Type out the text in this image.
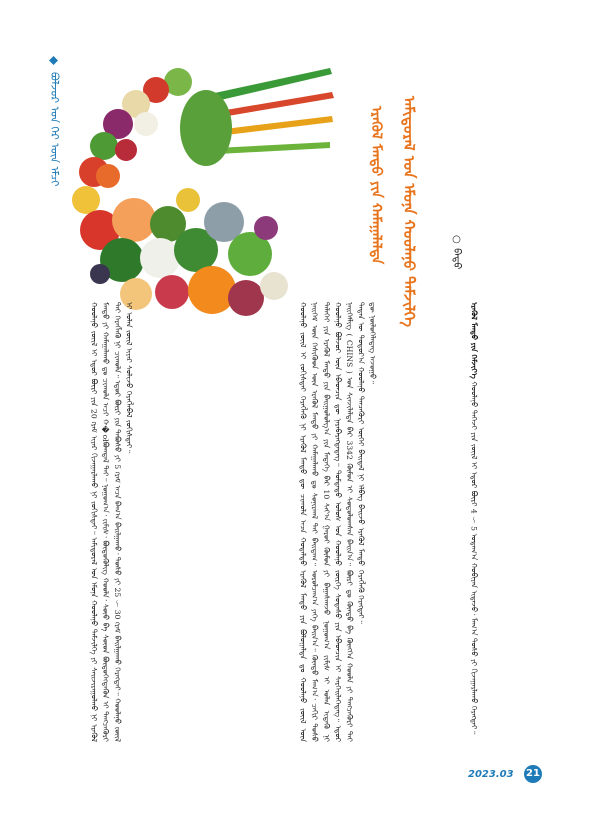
ᠪᠣᠯᠵᠣᠷ ᠤᠨ ᠭᠡᠷ ᠦᠨ ᠡᠮᠴᠢ	ᠠᠮᠢᠳᠤᠷᠠᠯ ᠤᠨ ᠡᠮᠦᠨᠡ ᠬᠣᠣᠯᠠᠨᠤ ᠳᠡᠮᠵᠢᠯᠭᠡ
ᠡᠷᠡᠬᠦᠯ ᠮᠡᠨᠳᠦ ᠶᠢᠨ ᠬᠠᠮᠠᠭᠠᠯᠠᠯᠲᠠ	○ ᠪᠠᠲᠤ
ᠬᠣᠣᠯᠠᠨᠤ ᠵᠦᠢᠯ ᠢ ᠵᠣᠬᠢᠰᠲᠠᠢ ᠬᠡᠷᠡᠭᠯᠡᠬᠦ ᠨᠢ ᠡᠷᠡᠬᠦᠯ ᠮᠡᠨᠳᠦ ᠳᠦ ᠴᠢᠬᠤᠯᠠ ᠠᠴᠠ ᠬᠣᠳᠠᠯᠳᠤ ᠨᠡᠢᠭᠡᠮ ᠦᠨ ᠭᠡᠰᠢᠭᠦᠳ ᠦᠨ ᠡᠷᠡᠬᠦᠯ ᠮᠡᠨᠳᠦ ᠶᠢ ᠬᠠᠮᠠᠭᠠᠯᠠᠬᠤ ᠳᠤ ᠰᠣᠨᠢᠷᠬᠠᠯ ᠲᠠᠢ ᠪᠠᠢᠳᠠᠭ᠃ ᠳᠡᠯᠡᠬᠡᠢ ᠶᠢᠨ ᠡᠷᠡᠬᠦᠯ ᠮᠡᠨᠳᠦ ᠶᠢᠨ ᠪᠠᠢᠭᠤᠯᠤᠯᠭ᠎ᠠ ᠶᠢᠨ ᠮᠡᠳᠡᠭᠡ ᠪᠡᠷ 10 ᠰᠠᠶ᠎ᠠ ᠭᠠᠷᠤᠢ ᠬᠦᠮᠦᠨ ᠬᠣᠣᠯᠠᠨᠤ ᠪᠣᠯᠵᠣᠷ ᠦᠨ ᠡᠪᠡᠳᠴᠢᠨ ᠳᠦ ᠨᠡᠷᠡᠪᠡᠷᠡᠭᠳᠡᠳᠡᠭ᠃ ᠳᠤᠮᠳᠠᠳᠤ ᠤᠯᠤᠰ ᠤᠨ ᠬᠣᠣᠯᠠᠨᠤ ᠨᠡᠢᠭᠡᠮᠯᠢᠭ ( CHINS ) ᠤᠨ ᠰᠢᠨᠵᠢᠯᠡᠯᠲᠡ ᠪᠡᠷ 3342 ᠬᠦᠮᠦᠨ ᠢ ᠰᠤᠳᠤᠯᠤᠭᠰᠠᠨ ᠪᠠᠢᠨ᠎ᠠ᠃ ᠲᠡᠳᠡᠨ ᠦ ᠳᠣᠲᠣᠷ᠎ᠠ ᠬᠣᠣᠯᠠᠨᠤ ᠲᠡᠨᠴᠡᠭᠦᠷᠢ ᠥᠭᠡᠢ ᠪᠠᠢᠳᠠᠯ ᠨᠢ ᠡᠯᠪᠡᠭ ᠪᠠᠢᠵᠤ ᠡᠷᠡᠬᠦᠯ ᠮᠡᠨᠳᠦ ᠳᠦ ᠨᠥᠯᠥᠭᠡᠯᠡᠳᠡᠭ ᠠᠵᠤᠭᠤ᠃
ᠡᠷᠡᠬᠦᠯ ᠮᠡᠨᠳᠦ ᠶᠢᠨ ᠪᠣᠯᠤᠭᠠᠯᠲᠠ ᠳᠤ ᠬᠣᠣᠯᠠᠨᠤ ᠵᠦᠢᠯ ᠦᠨ ᠣᠷᠣᠯᠴᠠᠭ᠎ᠠ ᠶᠡᠬᠡ ᠪᠠᠢᠨ᠎ᠠ᠃ ᠬᠦᠨᠳᠦ ᠮᠠᠬ᠎ᠠ᠂ ᠴᠠᠬᠢᠷ ᠲᠣᠰᠣ ᠶᠢ ᠪᠠᠭᠠᠰᠬᠠᠵᠤ ᠨᠣᠭᠣᠭ᠎ᠠ ᠵᠢᠮᠢᠰ ᠢ ᠣᠯᠠᠨ ᠢᠳᠡᠬᠦ ᠨᠢ ᠵᠦᠷᠬᠡ ᠰᠤᠳᠠᠰᠤ ᠶᠢᠨ ᠡᠪᠡᠳᠴᠢᠨ ᠢ ᠰᠡᠷᠭᠡᠢᠯᠡᠭᠡᠳᠡᠭ᠃ ᠡᠳᠦᠷ ᠪᠦᠷᠢ ᠳᠤ ᠬᠦᠨᠳᠦ ᠪᠠ ᠬᠥᠩᠭᠡᠨ ᠬᠣᠣᠯᠠ ᠶᠢ ᠲᠡᠩᠴᠡᠭᠦᠷᠢ ᠲᠠᠢ ᠬᠡᠷᠡᠭᠯᠡᠬᠦ ᠬᠡᠷᠡᠭᠲᠡᠢ᠃
ᠡᠷᠡᠬᠦᠯ ᠮᠡᠨᠳᠦ ᠶᠢᠨ ᠬᠡᠮᠵᠢᠶ᠎ᠡ ᠬᠣᠣᠯᠠᠨᠤ ᠳᠡᠭᠡᠵᠢ ᠶᠢᠨ ᠵᠦᠢᠯ ᠢ ᠡᠳᠦᠷ ᠪᠦᠷᠢ 4 ～ 5 ᠤᠳᠠᠭ᠎ᠠ ᠬᠤᠪᠢᠶᠠᠨ ᠢᠳᠡᠵᠦ᠂ ᠮᠠᠬ᠎ᠠ ᠲᠣᠰᠣ ᠶᠢ ᠬᠢᠵᠠᠭᠠᠷᠯᠠᠬᠤ ᠬᠡᠷᠡᠭᠲᠡᠢ᠃
ᠬᠣᠣᠯᠠᠨᠤ ᠵᠦᠢᠯ ᠢ ᠡᠳᠦᠷ ᠪᠦᠷᠢ ᠶᠢᠨ 20 ᠭᠷᠠᠮ ᠢᠶᠠᠷ ᠬᠢᠵᠠᠭᠠᠷᠯᠠᠬᠤ ᠨᠢ ᠵᠣᠬᠢᠰᠲᠠᠢ᠃ ᠠᠮᠢᠳᠤᠷᠠᠯ ᠤᠨ ᠡᠮᠦᠨᠡ ᠬᠣᠣᠯᠠᠨᠤ ᠳᠡᠮᠵᠢᠯᠭᠡ ᠶᠢ ᠰᠠᠢᠵᠢᠷᠠᠭᠤᠯᠬᠤ ᠨᠢ ᠡᠷᠡᠬᠦᠯ ᠮᠡᠨᠳᠦ ᠶᠢ ᠬᠠᠮᠠᠭᠠᠯᠠᠬᠤ ᠳᠤ ᠴᠢᠬᠤᠯᠠ ᠠᠴᠢ ᠬ�ołᠪᠣᠭᠳᠠᠯ ᠲᠠᠢ᠃ ᠨᠣᠭᠣᠭ᠎ᠠ᠂ ᠵᠢᠮᠢᠰ᠂ ᠪᠦᠳᠦᠭᠦᠯᠢᠭ ᠬᠣᠣᠯᠠ᠂ ᠰᠦᠦ ᠪᠠ ᠰᠦᠦᠨ ᠪᠦᠲᠦᠭᠡᠭᠳᠡᠬᠦᠨ ᠢ ᠲᠡᠩᠴᠡᠭᠦᠷᠢ ᠲᠠᠢ ᠬᠡᠷᠡᠭᠯᠡᠬᠦ ᠨᠢ ᠴᠢᠬᠤᠯᠠ᠃ ᠡᠳᠦᠷ ᠪᠦᠷᠢ ᠶᠢᠨ ᠳᠠᠪᠤᠰᠤ ᠶᠢ 5 ᠭᠷᠠᠮ ᠠᠴᠠ ᠪᠠᠭ᠎ᠠ ᠪᠠᠢᠯᠭᠠᠬᠤ᠂ ᠲᠣᠰᠣ ᠶᠢ 25 ～ 30 ᠭᠷᠠᠮ ᠪᠠᠢᠯᠭᠠᠬᠤ ᠬᠡᠷᠡᠭᠲᠡᠢ᠃ ᠬᠣᠣᠯᠠᠨᠤ ᠵᠦᠢᠯ ᠢ ᠣᠯᠠᠨ ᠵᠦᠢᠯ ᠢᠶᠡᠷ ᠰᠣᠯᠢᠵᠤ ᠬᠡᠷᠡᠭᠯᠡᠪᠡᠯ ᠵᠣᠬᠢᠰᠲᠠᠢ᠃
2023.03 21
